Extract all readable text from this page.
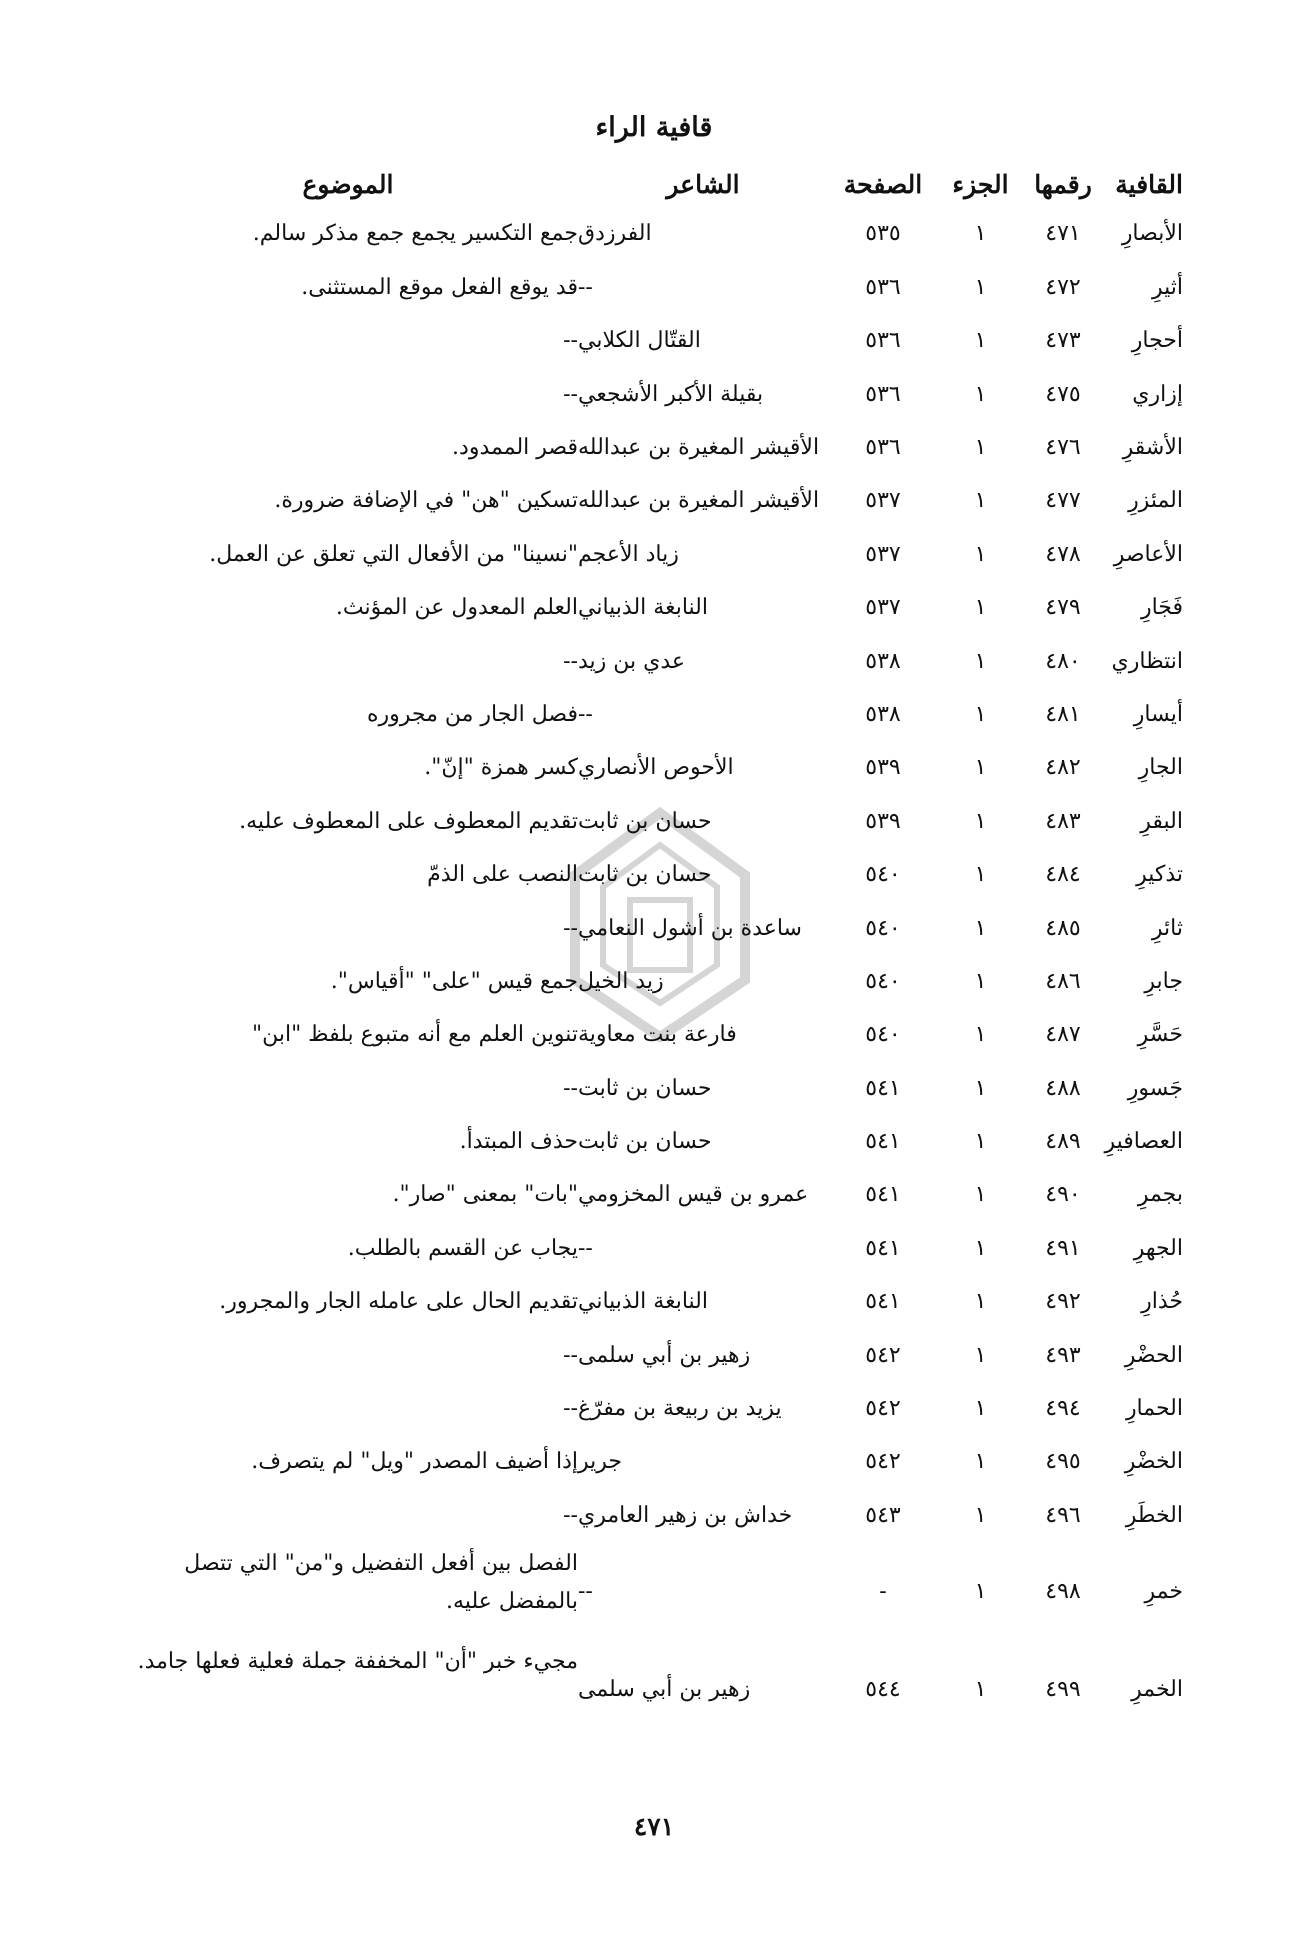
قافية الراء
القافية	رقمها	الجزء	الصفحة	الشاعر	الموضوع
الأبصارِ	٤٧١	١	٥٣٥	الفرزدق	جمع التكسير يجمع جمع مذكر سالم.
أثيرِ	٤٧٢	١	٥٣٦	--	قد يوقع الفعل موقع المستثنى.
أحجارِ	٤٧٣	١	٥٣٦	القتّال الكلابي	--
إزاري	٤٧٥	١	٥٣٦	بقيلة الأكبر الأشجعي	--
الأشقرِ	٤٧٦	١	٥٣٦	الأقيشر المغيرة بن عبدالله	قصر الممدود.
المئزرِ	٤٧٧	١	٥٣٧	الأقيشر المغيرة بن عبدالله	تسكين "هن" في الإضافة ضرورة.
الأعاصرِ	٤٧٨	١	٥٣٧	زياد الأعجم	"نسينا" من الأفعال التي تعلق عن العمل.
فَجَارِ	٤٧٩	١	٥٣٧	النابغة الذبياني	العلم المعدول عن المؤنث.
انتظاري	٤٨٠	١	٥٣٨	عدي بن زيد	--
أيسارِ	٤٨١	١	٥٣٨	--	فصل الجار من مجروره
الجارِ	٤٨٢	١	٥٣٩	الأحوص الأنصاري	كسر همزة "إنّ".
البقرِ	٤٨٣	١	٥٣٩	حسان بن ثابت	تقديم المعطوف على المعطوف عليه.
تذكيرِ	٤٨٤	١	٥٤٠	حسان بن ثابت	النصب على الذمّ
ثائرِ	٤٨٥	١	٥٤٠	ساعدة بن أشول النعامي	--
جابرِ	٤٨٦	١	٥٤٠	زيد الخيل	جمع قيس "على" "أقياس".
حَسَّرِ	٤٨٧	١	٥٤٠	فارعة بنت معاوية	تنوين العلم مع أنه متبوع بلفظ "ابن"
جَسورِ	٤٨٨	١	٥٤١	حسان بن ثابت	--
العصافيرِ	٤٨٩	١	٥٤١	حسان بن ثابت	حذف المبتدأ.
بجمرِ	٤٩٠	١	٥٤١	عمرو بن قيس المخزومي	"بات" بمعنى "صار".
الجهرِ	٤٩١	١	٥٤١	--	يجاب عن القسم بالطلب.
حُذارِ	٤٩٢	١	٥٤١	النابغة الذبياني	تقديم الحال على عامله الجار والمجرور.
الحضْرِ	٤٩٣	١	٥٤٢	زهير بن أبي سلمى	--
الحمارِ	٤٩٤	١	٥٤٢	يزيد بن ربيعة بن مفرّغ	--
الخضْرِ	٤٩٥	١	٥٤٢	جرير	إذا أضيف المصدر "ويل" لم يتصرف.
الخطَرِ	٤٩٦	١	٥٤٣	خداش بن زهير العامري	--
خمرِ	٤٩٨	١	-	--	الفصل بين أفعل التفضيل و"من" التي تتصل بالمفضل عليه.
الخمرِ	٤٩٩	١	٥٤٤	زهير بن أبي سلمى	مجيء خبر "أن" المخففة جملة فعلية فعلها جامد.
٤٧١
